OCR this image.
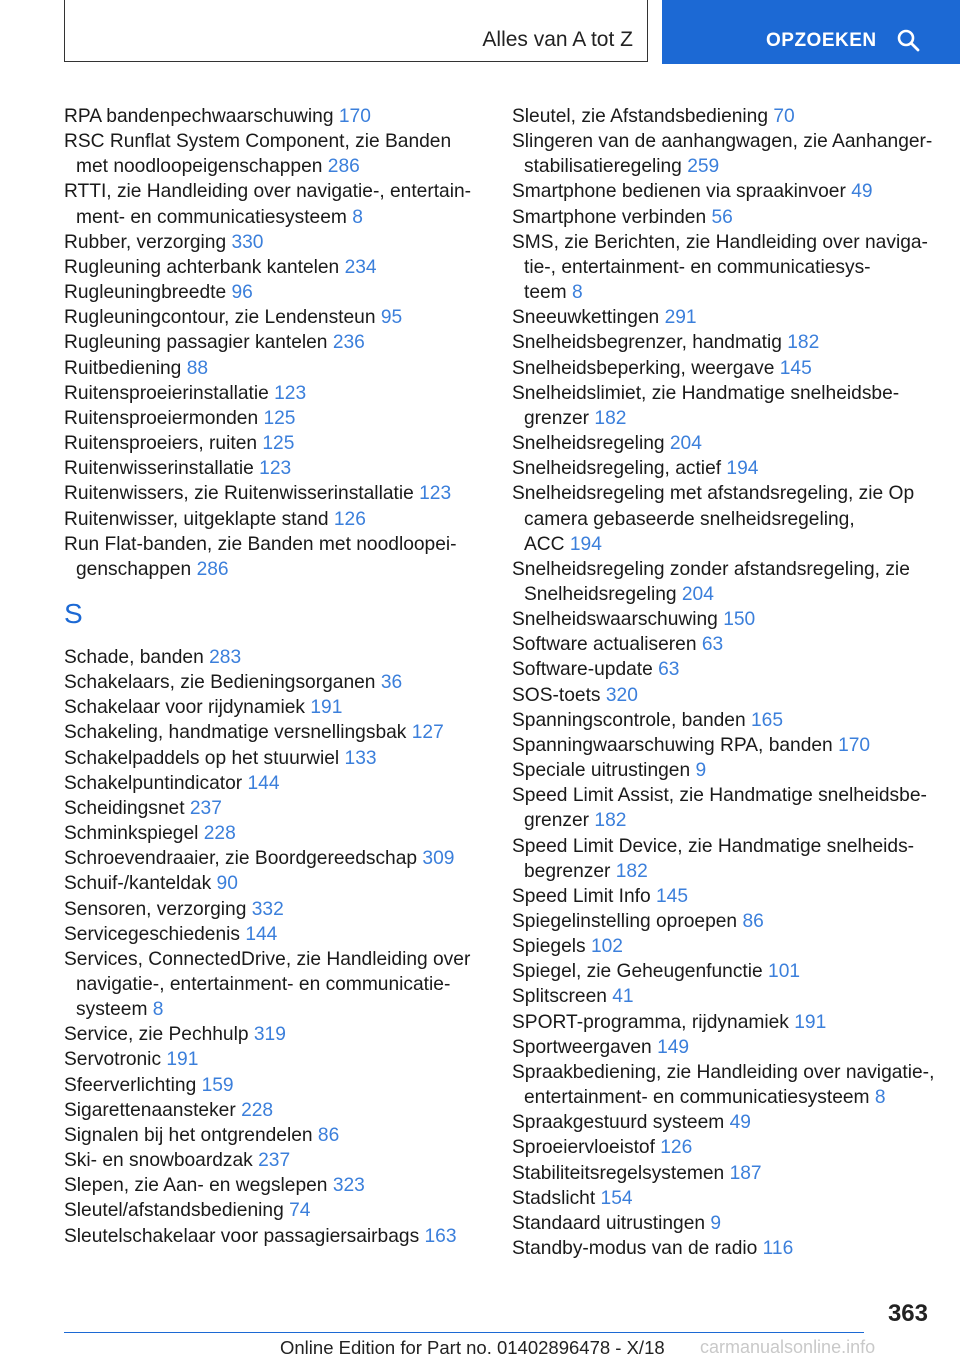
Alles van A tot Z	OPZOEKEN

RPA bandenpechwaarschuwing 170

RSC Runflat System Component, zie Banden
met noodloopeigenschappen 286

RTTI, zie Handleiding over navigatie-, entertain‐
ment- en communicatiesysteem 8

Rubber, verzorging 330

Rugleuning achterbank kantelen 234

Rugleuningbreedte 96

Rugleuningcontour, zie Lendensteun 95

Rugleuning passagier kantelen 236

Ruitbediening 88

Ruitensproeierinstallatie 123

Ruitensproeiermonden 125

Ruitensproeiers, ruiten 125

Ruitenwisserinstallatie 123

Ruitenwissers, zie Ruitenwisserinstallatie 123

Ruitenwisser, uitgeklapte stand 126

Run Flat-banden, zie Banden met noodloopei‐
genschappen 286

S

Schade, banden 283

Schakelaars, zie Bedieningsorganen 36

Schakelaar voor rijdynamiek 191

Schakeling, handmatige versnellingsbak 127

Schakelpaddels op het stuurwiel 133

Schakelpuntindicator 144

Scheidingsnet 237

Schminkspiegel 228

Schroevendraaier, zie Boordgereedschap 309

Schuif-/kanteldak 90

Sensoren, verzorging 332

Servicegeschiedenis 144

Services, ConnectedDrive, zie Handleiding over
navigatie-, entertainment- en communicatie‐
systeem 8

Service, zie Pechhulp 319

Servotronic 191

Sfeerverlichting 159

Sigarettenaansteker 228

Signalen bij het ontgrendelen 86

Ski- en snowboardzak 237

Slepen, zie Aan- en wegslepen 323

Sleutel/afstandsbediening 74

Sleutelschakelaar voor passagiersairbags 163

Sleutel, zie Afstandsbediening 70

Slingeren van de aanhangwagen, zie Aanhanger‐
stabilisatieregeling 259

Smartphone bedienen via spraakinvoer 49

Smartphone verbinden 56

SMS, zie Berichten, zie Handleiding over naviga‐
tie-, entertainment- en communicatiesys‐
teem 8

Sneeuwkettingen 291

Snelheidsbegrenzer, handmatig 182

Snelheidsbeperking, weergave 145

Snelheidslimiet, zie Handmatige snelheidsbe‐
grenzer 182

Snelheidsregeling 204

Snelheidsregeling, actief 194

Snelheidsregeling met afstandsregeling, zie Op
camera gebaseerde snelheidsregeling,
ACC 194

Snelheidsregeling zonder afstandsregeling, zie
Snelheidsregeling 204

Snelheidswaarschuwing 150

Software actualiseren 63

Software-update 63

SOS-toets 320

Spanningscontrole, banden 165

Spanningwaarschuwing RPA, banden 170

Speciale uitrustingen 9

Speed Limit Assist, zie Handmatige snelheidsbe‐
grenzer 182

Speed Limit Device, zie Handmatige snelheids‐
begrenzer 182

Speed Limit Info 145

Spiegelinstelling oproepen 86

Spiegels 102

Spiegel, zie Geheugenfunctie 101

Splitscreen 41

SPORT-programma, rijdynamiek 191

Sportweergaven 149

Spraakbediening, zie Handleiding over navigatie-,
entertainment- en communicatiesysteem 8

Spraakgestuurd systeem 49

Sproeiervloeistof 126

Stabiliteitsregelsystemen 187

Stadslicht 154

Standaard uitrustingen 9

Standby-modus van de radio 116

363
Online Edition for Part no. 01402896478 - X/18 carmanualsonline.info
